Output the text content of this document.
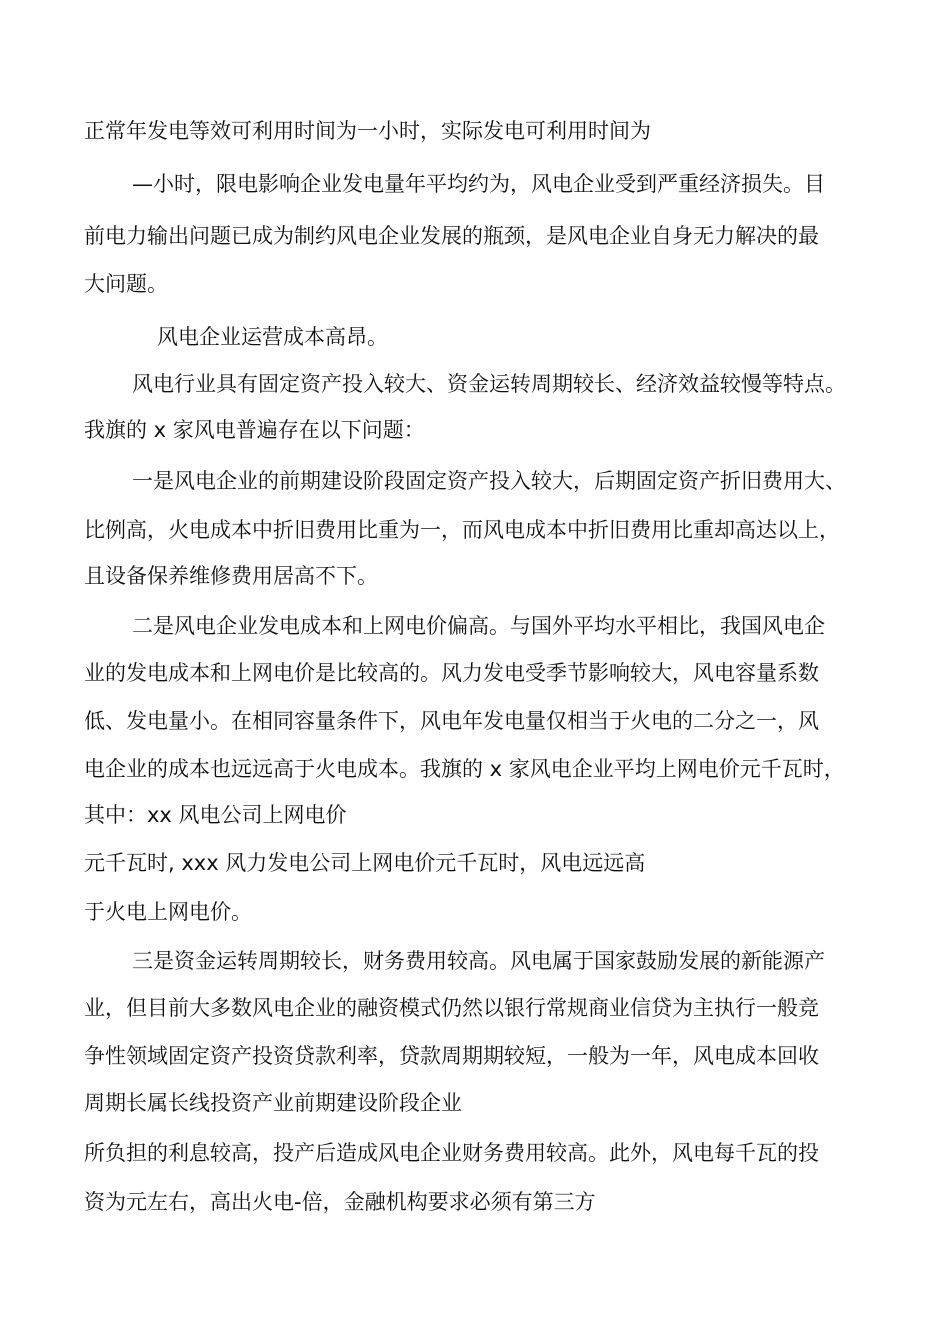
正常年发电等效可利用时间为一小时，实际发电可利用时间为
—小时，限电影响企业发电量年平均约为，风电企业受到严重经济损失。目
前电力输出问题已成为制约风电企业发展的瓶颈，是风电企业自身无力解决的最
大问题。
风电企业运营成本高昂。
风电行业具有固定资产投入较大、资金运转周期较长、经济效益较慢等特点。
我旗的 x 家风电普遍存在以下问题：
一是风电企业的前期建设阶段固定资产投入较大，后期固定资产折旧费用大、
比例高，火电成本中折旧费用比重为一，而风电成本中折旧费用比重却高达以上，
且设备保养维修费用居高不下。
二是风电企业发电成本和上网电价偏高。与国外平均水平相比，我国风电企
业的发电成本和上网电价是比较高的。风力发电受季节影响较大，风电容量系数
低、发电量小。在相同容量条件下，风电年发电量仅相当于火电的二分之一，风
电企业的成本也远远高于火电成本。我旗的 x 家风电企业平均上网电价元千瓦时，
其中：xx 风电公司上网电价
元千瓦时, xxx 风力发电公司上网电价元千瓦时，风电远远高
于火电上网电价。
三是资金运转周期较长，财务费用较高。风电属于国家鼓励发展的新能源产
业，但目前大多数风电企业的融资模式仍然以银行常规商业信贷为主执行一般竞
争性领域固定资产投资贷款利率，贷款周期期较短，一般为一年，风电成本回收
周期长属长线投资产业前期建设阶段企业
所负担的利息较高，投产后造成风电企业财务费用较高。此外，风电每千瓦的投
资为元左右，高出火电-倍，金融机构要求必须有第三方
